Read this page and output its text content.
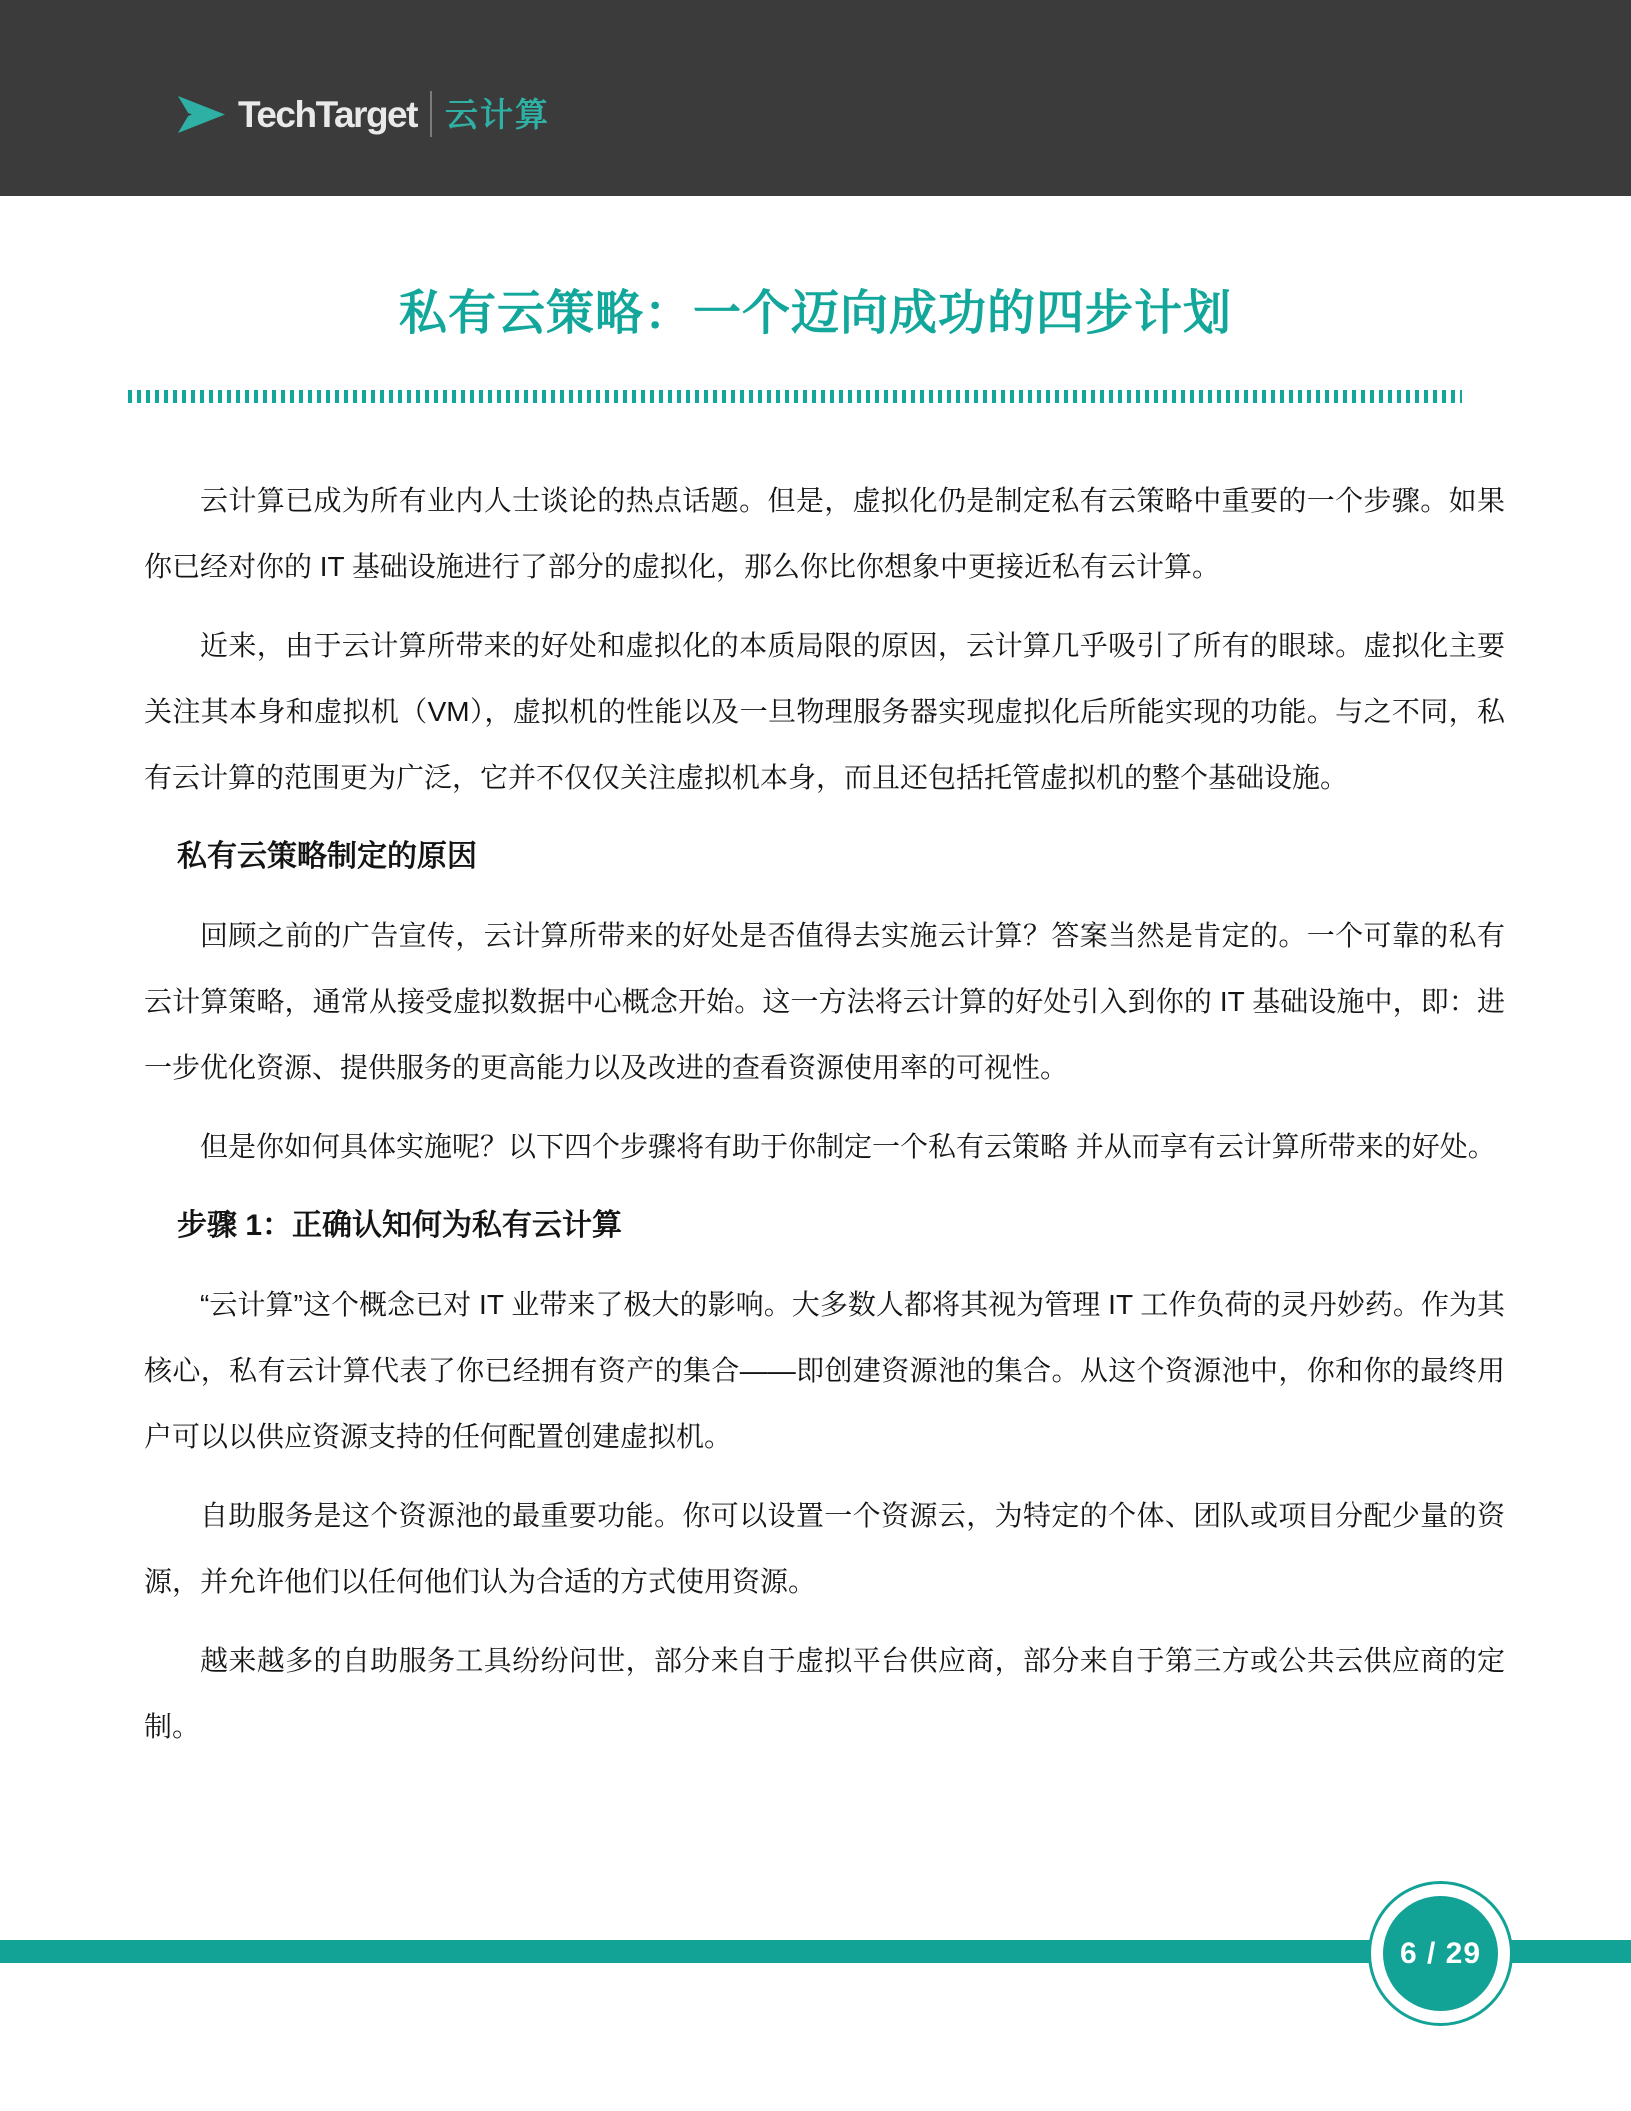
TechTarget 云计算
私有云策略：一个迈向成功的四步计划

云计算已成为所有业内人士谈论的热点话题。但是，虚拟化仍是制定私有云策略中重要的一个步骤。如果你已经对你的 IT 基础设施进行了部分的虚拟化，那么你比你想象中更接近私有云计算。

近来，由于云计算所带来的好处和虚拟化的本质局限的原因，云计算几乎吸引了所有的眼球。虚拟化主要关注其本身和虚拟机（VM），虚拟机的性能以及一旦物理服务器实现虚拟化后所能实现的功能。与之不同，私有云计算的范围更为广泛，它并不仅仅关注虚拟机本身，而且还包括托管虚拟机的整个基础设施。

私有云策略制定的原因

回顾之前的广告宣传，云计算所带来的好处是否值得去实施云计算？答案当然是肯定的。一个可靠的私有云计算策略，通常从接受虚拟数据中心概念开始。这一方法将云计算的好处引入到你的 IT 基础设施中，即：进一步优化资源、提供服务的更高能力以及改进的查看资源使用率的可视性。

但是你如何具体实施呢？以下四个步骤将有助于你制定一个私有云策略 并从而享有云计算所带来的好处。

步骤 1：正确认知何为私有云计算

“云计算”这个概念已对 IT 业带来了极大的影响。大多数人都将其视为管理 IT 工作负荷的灵丹妙药。作为其核心，私有云计算代表了你已经拥有资产的集合——即创建资源池的集合。从这个资源池中，你和你的最终用户可以以供应资源支持的任何配置创建虚拟机。

自助服务是这个资源池的最重要功能。你可以设置一个资源云，为特定的个体、团队或项目分配少量的资源，并允许他们以任何他们认为合适的方式使用资源。

越来越多的自助服务工具纷纷问世，部分来自于虚拟平台供应商，部分来自于第三方或公共云供应商的定制。

6 / 29
